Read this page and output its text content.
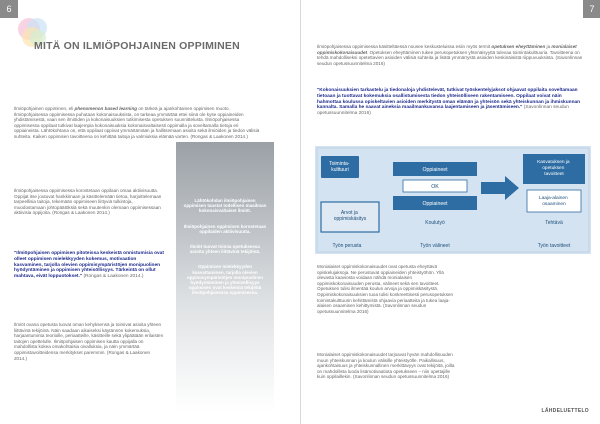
6
MITÄ ON ILMIÖPOHJAINEN OPPIMINEN

Ilmiöpohjainen oppiminen, eli phenomenon based learning on tärkeä ja ajankohtainen oppimisen muoto. Ilmiöpohjaisessa oppimisessa puhutaan kokonaisuuksista, on tarkeaa ymmärtää ettei siinä ole kyse oppiaineiden yhdistämisestä, vaan sen ilmiöiden ja kokonaisuuksien tutkimisesta opetuksen suunnittelusta. Ilmiöpohjaisessa oppimisessa oppilaat tutkivat laajempia kokonaisuuksia kokonaisvaltaisesti oppimalla ja soveltamalla tietoja eri oppiaineista. Lähtökohtana on, että oppilaat oppivat ymmärtämään ja hallitsemaan asioita sekä ilmiöiden ja tiedon välisiä suhteita. Kaiken oppimisen tavoitteena on kehittää taitoja ja valmiuksia elämää varten. (Rongas & Laakonen 2014.)

Ilmiöpohjaisessa oppimisessa korostetaan oppilaan omaa aktiivisuutta. Oppijat itse joutuvat hankkimaan ja käsittelemään tietoa, harjoittelemaan tarpeellisia taitoja, tekemään oppimiseen liittyviä tulkintoja, muodostamaan johtopäätöksiä sekä muutenkin olemaan oppimisessaan aktiivisia oppijoita. (Rongas & Laakonen 2014.)

"Ilmiöpohjaisen oppimisen pitoteissa keskeistä onnistumisia ovat olleet oppimisen mielekkyyden kokemus, motivaation kasvaminen, tarjolla olevien oppimisympäristöjen monipuolinen hyödyntäminen ja oppimisen yhteisöllisyys. Tärkeintä on ollut mahtava, eivät loppuotokset." (Rongas & Laakonen 2014.)

Ilmiöt ovana opetusta luovat oman kehyksensä ja toimivat asioita yhteen liittävinä tekijöinä. Näin saadaan aikaiseksi käytännön kokemuksia, harjaantuminta teorioille, periaatteille, käsitteille sekä ylipäätään erilaisten taitojen opettelulle. Ilmiöpohjaisen oppimisen kautta oppijalla on mahdollista kokea omakohtaisia oivalluksia, ja näin ymmärtää oppimistavoitteidensa merkitykset paremmin. (Rongas & Laakonen 2014.)

Lähtökohdan ilmiöpohjaisen oppimisen taustat todellisen maailman kokonaisvaltaiset ilmiöt.

Ilmiöpohjainen oppiminen korostetaan oppilaiden aktiivisuutta.

Ilmiöt tuovat toimia opetuksessa asioita yhteen liittävinä tekijöinä.

Oppimisen mielekkyyden kasvattaminen, tarjolla olevien oppimisympäristöjen monipuolinen hyödyntäminen ja yhteisöllisyys oppimisen ovat keskeisiä tekijöitä ilmiöpohjaisessa oppimisessa.

7

Ilmiöpohjaisessa oppimisessa käsitteltäessä nousee keskusteluissa esiin myös termit opetuksen eheyttäminen ja monialaiset oppimiskokonaisuudet. Opetuksen eheyttäminen tukee perusopetuksen yhtenäisyyttä tulevaa toimintakulttuuria. Tavoitteena on tehdä mahdolliseksi opetettavien asioiden välisiä suhteita ja lisätä ymmärrystä asioiden keskinäisistä riippuvuuksista. (Savonlinnan seudun opetussuunnitelma 2016)

"Kokonaisuuksien tarkastelu ja tiedonaloja yhdistelevät, tutkivat työskentelyjaksot ohjaavat oppilaita soveltamaan tietoaan ja tuottavat kokemuksia osallistumisesta tiedon yhteisölliseen rakentamiseen. Oppilaat voivat näin hahmottaa koulussa opiskeltavien asioiden merkitystä oman elämän ja yhteisön sekä yhteiskunnan ja ihmiskunnan kannalta. Samalla he saavat aineksia maailmankuvansa laajentamiseen ja jäsentämiseen." (Savonlinnan seudun opetussuunnitelma 2016)

Toiminta- kulttuuri
Arvot ja oppimiskäsitys
Oppiaineet
OK
Oppiaineet
Koulutyö
Kasvatuksen ja opetuksen tavoitteet
Laaja-alainen osaaminen
Tehtävä
Työn perusta	Työn välineet	Työn tavoitteet

Monialaiset oppimiskokonaisuudet ovat opetusta eheyttävä opiskelujaksoja. Ne perustuvat oppiaineiden yhteistyöhön. Yllä olevasta kaaviosta voidaan nähdä monialaisen oppimiskokonaisuuden perusta, välineet sekä sen tavoitteet. Opetuksen tulisi ilmentää koulun arvoja ja oppimiskäsitystä. Oppimiskokonaisuuksien tuoa tulisi konkreettisesti perusopetuksen toimintakulttuurin kehittämistä ohjaavia periaatteita ja tukea laaja-alaisen osaamisen kehittymistä. (Savonlinnan seudun opetussuunnitelma 2016)

Monialaiset oppimiskokonaisuudet tarjoavat hyvän mahdollisuuden muun yhteiskunnan ja koulun välisille yhteistyölle. Paikallisuus, ajankohtaisuus ja yhteiskunnallinen merkittävyys ovat tekijöitä, joilla on mahdollista luoda lisämotivaatiota opetukseen – niin opettajille kuin oppilaillekin. (Savonlinnan seudun opetussuunnitelma 2016)

LÄHDELUETTELO
